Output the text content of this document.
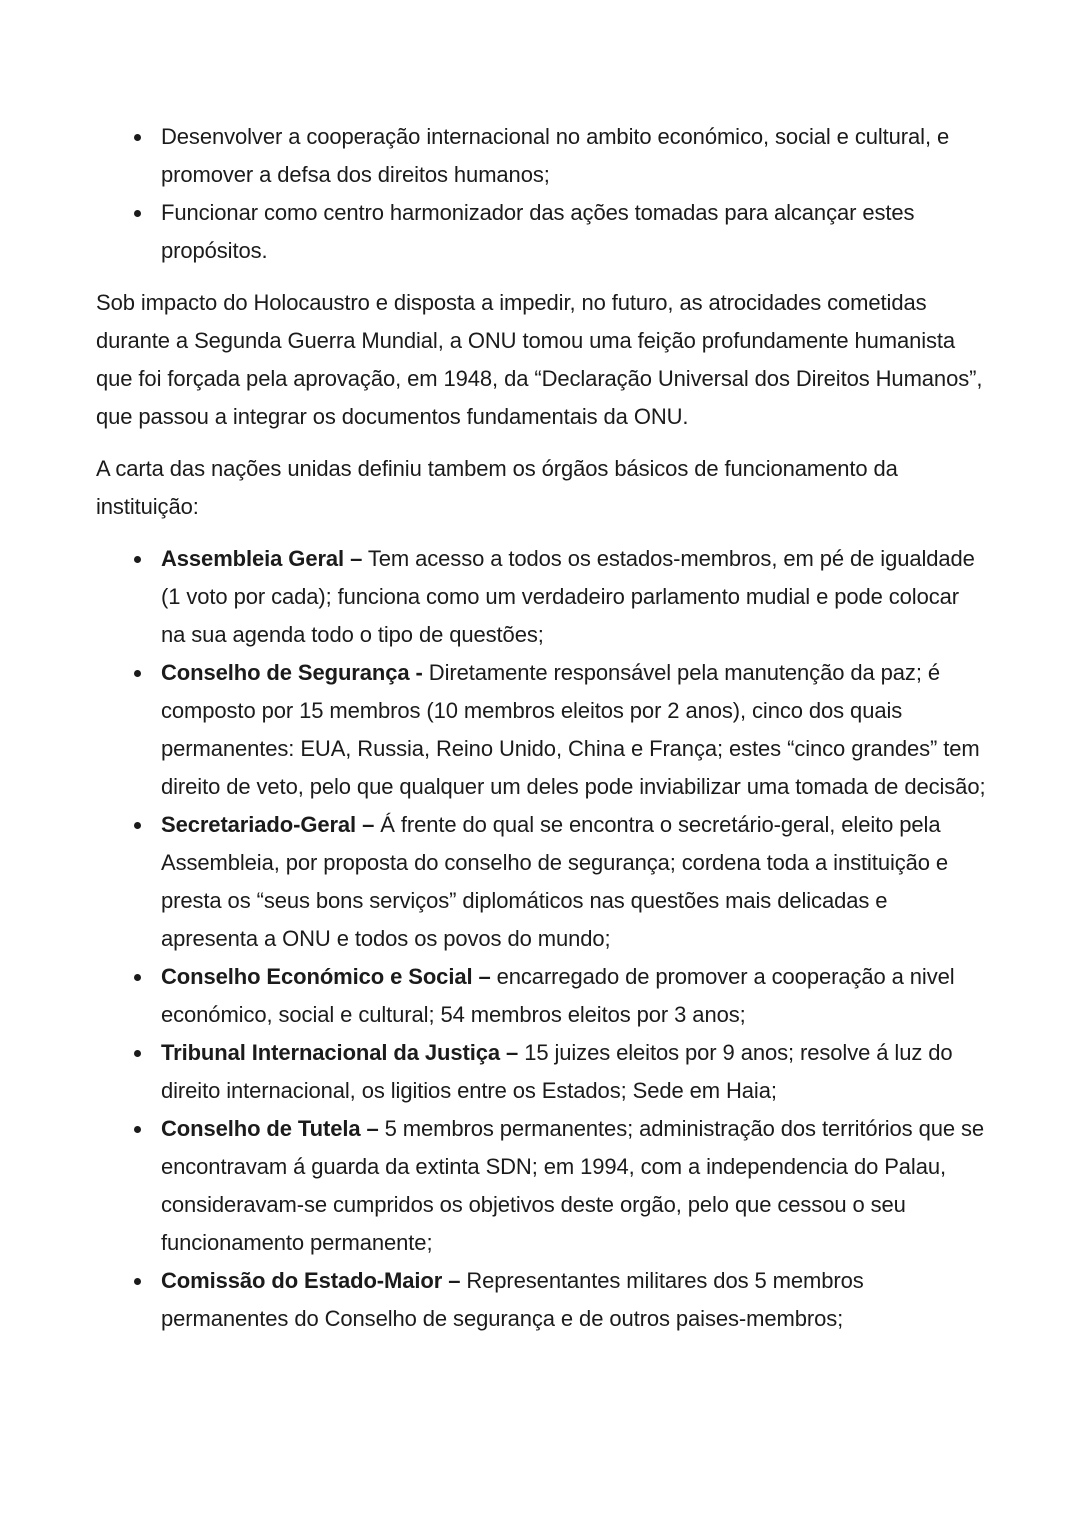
Desenvolver a cooperação internacional no ambito económico, social e cultural, e promover a defsa dos direitos humanos;
Funcionar como centro harmonizador das ações tomadas para alcançar estes propósitos.

Sob impacto do Holocaustro e disposta a impedir, no futuro, as atrocidades cometidas durante a Segunda Guerra Mundial, a ONU tomou uma feição profundamente humanista que foi forçada pela aprovação, em 1948, da “Declaração Universal dos Direitos Humanos”, que passou a integrar os documentos fundamentais da ONU.

A carta das nações unidas definiu tambem os órgãos básicos de funcionamento da instituição:

Assembleia Geral – Tem acesso a todos os estados-membros, em pé de igualdade (1 voto por cada); funciona como um verdadeiro parlamento mudial e pode colocar na sua agenda todo o tipo de questões;
Conselho de Segurança - Diretamente responsável pela manutenção da paz; é composto por 15 membros (10 membros eleitos por 2 anos), cinco dos quais permanentes: EUA, Russia, Reino Unido, China e França; estes “cinco grandes” tem direito de veto, pelo que qualquer um deles pode inviabilizar uma tomada de decisão;
Secretariado-Geral – Á frente do qual se encontra o secretário-geral, eleito pela Assembleia, por proposta do conselho de segurança; cordena toda a instituição e presta os “seus bons serviços” diplomáticos nas questões mais delicadas e apresenta a ONU e todos os povos do mundo;
Conselho Económico e Social – encarregado de promover a cooperação a nivel económico, social e cultural; 54 membros eleitos por 3 anos;
Tribunal Internacional da Justiça – 15 juizes eleitos por 9 anos; resolve á luz do direito internacional, os ligitios entre os Estados; Sede em Haia;
Conselho de Tutela – 5 membros permanentes; administração dos territórios que se encontravam á guarda da extinta SDN; em 1994, com a independencia do Palau, consideravam-se cumpridos os objetivos deste orgão, pelo que cessou o seu funcionamento permanente;
Comissão do Estado-Maior – Representantes militares dos 5 membros permanentes do Conselho de segurança e de outros paises-membros;
